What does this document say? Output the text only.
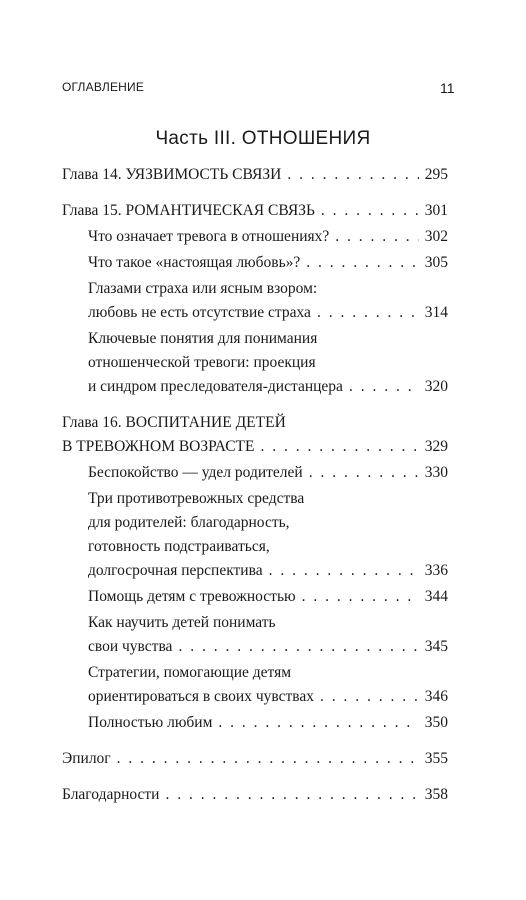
ОГЛАВЛЕНИЕ	11
Часть III. ОТНОШЕНИЯ
Глава 14. УЯЗВИМОСТЬ СВЯЗИ . . .	295
Глава 15. РОМАНТИЧЕСКАЯ СВЯЗЬ . . .	301
Что означает тревога в отношениях? . . .	302
Что такое «настоящая любовь»? . . .	305
Глазами страха или ясным взором:
любовь не есть отсутствие страха . . .	314
Ключевые понятия для понимания
отношенческой тревоги: проекция
и синдром преследователя-дистанцера . . .	320
Глава 16. ВОСПИТАНИЕ ДЕТЕЙ
В ТРЕВОЖНОМ ВОЗРАСТЕ . . .	329
Беспокойство — удел родителей . . .	330
Три противотревожных средства
для родителей: благодарность,
готовность подстраиваться,
долгосрочная перспектива . . .	336
Помощь детям с тревожностью . . .	344
Как научить детей понимать
свои чувства . . .	345
Стратегии, помогающие детям
ориентироваться в своих чувствах . . .	346
Полностью любим . . .	350
Эпилог . . .	355
Благодарности . . .	358
